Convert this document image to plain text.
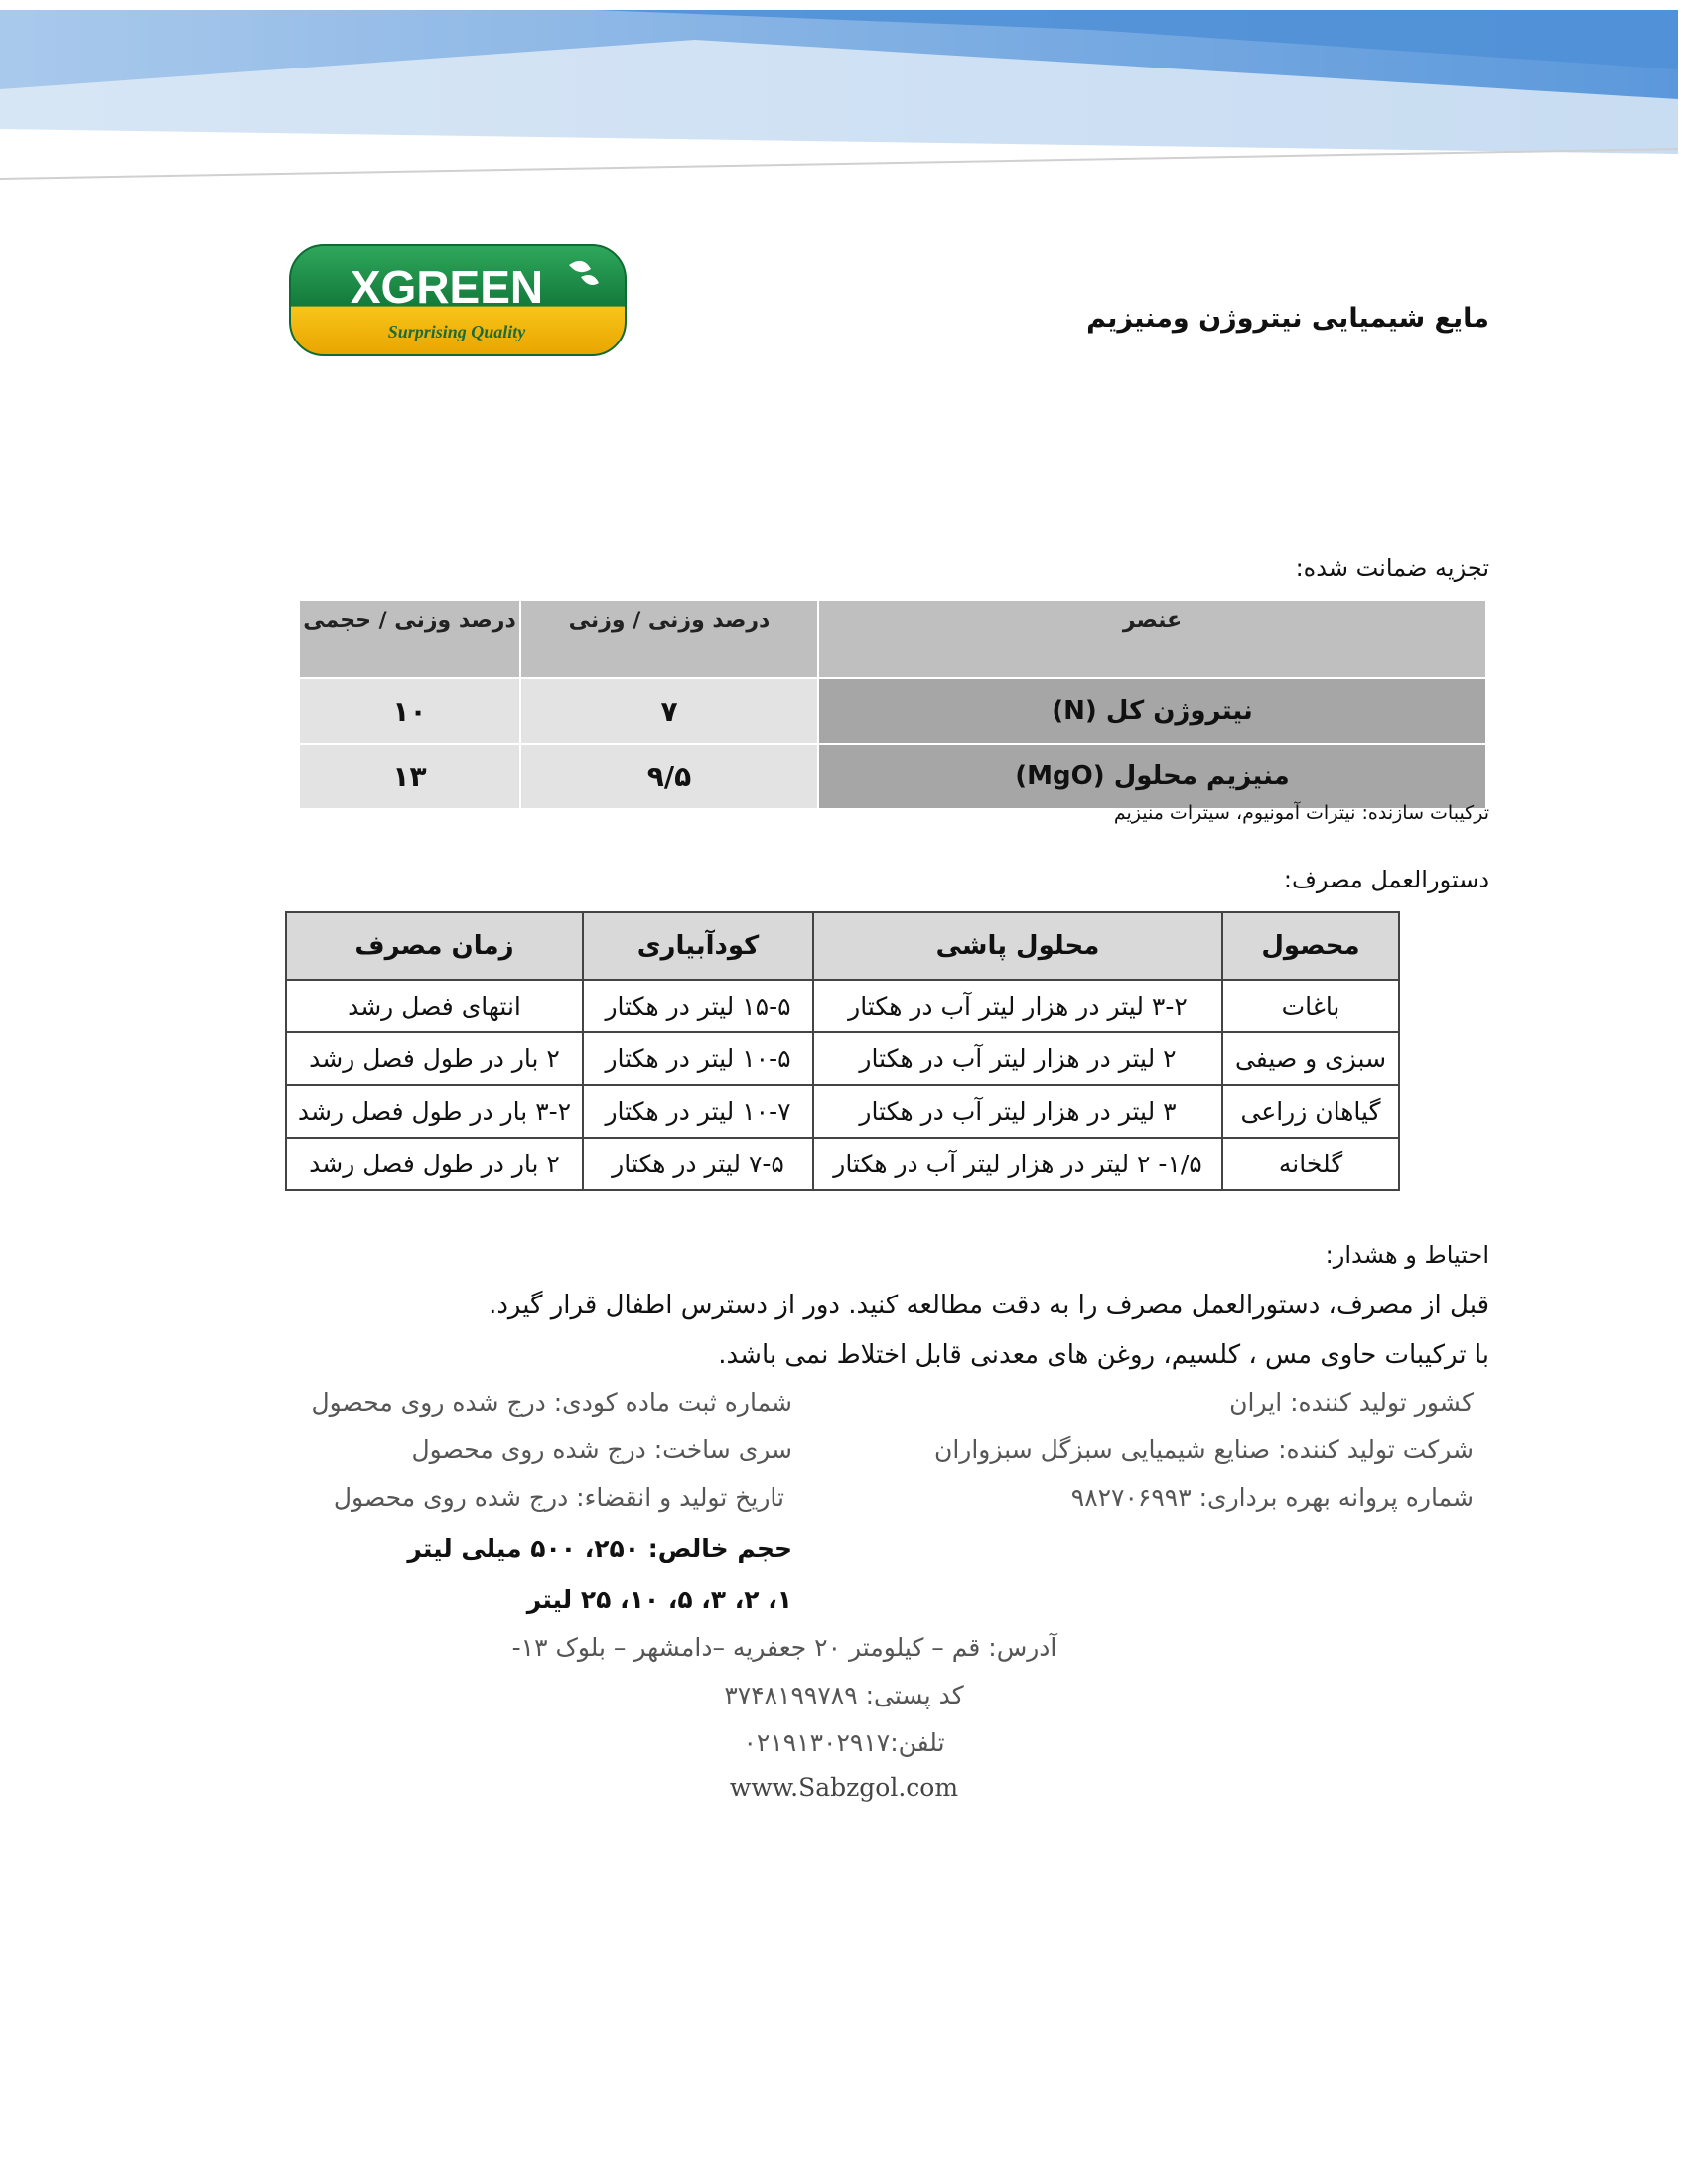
XGREEN
Surprising Quality	مایع شیمیایی نیتروژن ومنیزیم
تجزیه ضمانت شده:
عنصر	درصد وزنی / وزنی	درصد وزنی / حجمی
نیتروژن کل (N)	۷	۱۰
منیزیم محلول (MgO)	۹/۵	۱۳
ترکیبات سازنده: نیترات آمونیوم، سیترات منیزیم
دستورالعمل مصرف:
محصول	محلول پاشی	کودآبیاری	زمان مصرف
باغات	۳-۲ لیتر در هزار لیتر آب در هکتار	۱۵-۵ لیتر در هکتار	انتهای فصل رشد
سبزی و صیفی	۲ لیتر در هزار لیتر آب در هکتار	۱۰-۵ لیتر در هکتار	۲ بار در طول فصل رشد
گیاهان زراعی	۳ لیتر در هزار لیتر آب در هکتار	۱۰-۷ لیتر در هکتار	۳-۲ بار در طول فصل رشد
گلخانه	۱/۵- ۲ لیتر در هزار لیتر آب در هکتار	۷-۵ لیتر در هکتار	۲ بار در طول فصل رشد
احتیاط و هشدار:
قبل از مصرف، دستورالعمل مصرف را به دقت مطالعه کنید. دور از دسترس اطفال قرار گیرد.
با ترکیبات حاوی مس ، کلسیم، روغن های معدنی قابل اختلاط نمی باشد.
کشور تولید کننده: ایران
شرکت تولید کننده: صنایع شیمیایی سبزگل سبزواران
شماره پروانه بهره برداری: ۹۸۲۷۰۶۹۹۳
شماره ثبت ماده کودی: درج شده روی محصول
سری ساخت: درج شده روی محصول
تاریخ تولید و انقضاء: درج شده روی محصول
حجم خالص: ۲۵۰، ۵۰۰ میلی لیتر
۱، ۲، ۳، ۵، ۱۰، ۲۵ لیتر
آدرس: قم – کیلومتر ۲۰ جعفریه –دامشهر – بلوک ۱۳-
کد پستی: ۳۷۴۸۱۹۹۷۸۹
تلفن:۰۲۱۹۱۳۰۲۹۱۷
www.Sabzgol.com
